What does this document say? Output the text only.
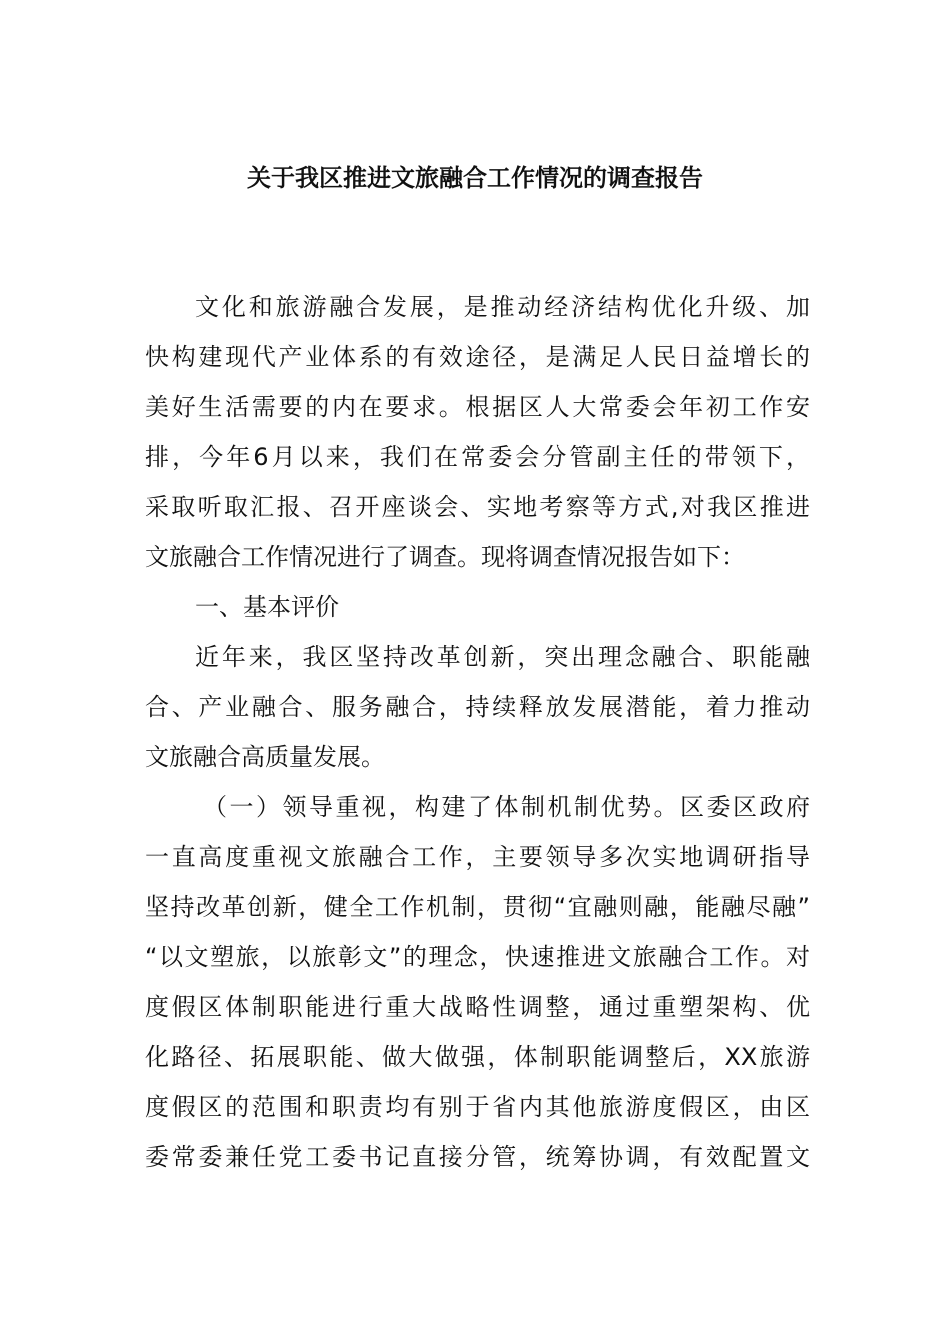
关于我区推进文旅融合工作情况的调查报告
文化和旅游融合发展，是推动经济结构优化升级、加
快构建现代产业体系的有效途径，是满足人民日益增长的
美好生活需要的内在要求。根据区人大常委会年初工作安
排，今年6月以来，我们在常委会分管副主任的带领下，
采取听取汇报、召开座谈会、实地考察等方式,对我区推进
文旅融合工作情况进行了调查。现将调查情况报告如下：
一、基本评价
近年来，我区坚持改革创新，突出理念融合、职能融
合、产业融合、服务融合，持续释放发展潜能，着力推动
文旅融合高质量发展。
（一）领导重视，构建了体制机制优势。区委区政府
一直高度重视文旅融合工作，主要领导多次实地调研指导
坚持改革创新，健全工作机制，贯彻“宜融则融，能融尽融”
“以文塑旅，以旅彰文”的理念，快速推进文旅融合工作。对
度假区体制职能进行重大战略性调整，通过重塑架构、优
化路径、拓展职能、做大做强，体制职能调整后，XX旅游
度假区的范围和职责均有别于省内其他旅游度假区，由区
委常委兼任党工委书记直接分管，统筹协调，有效配置文
